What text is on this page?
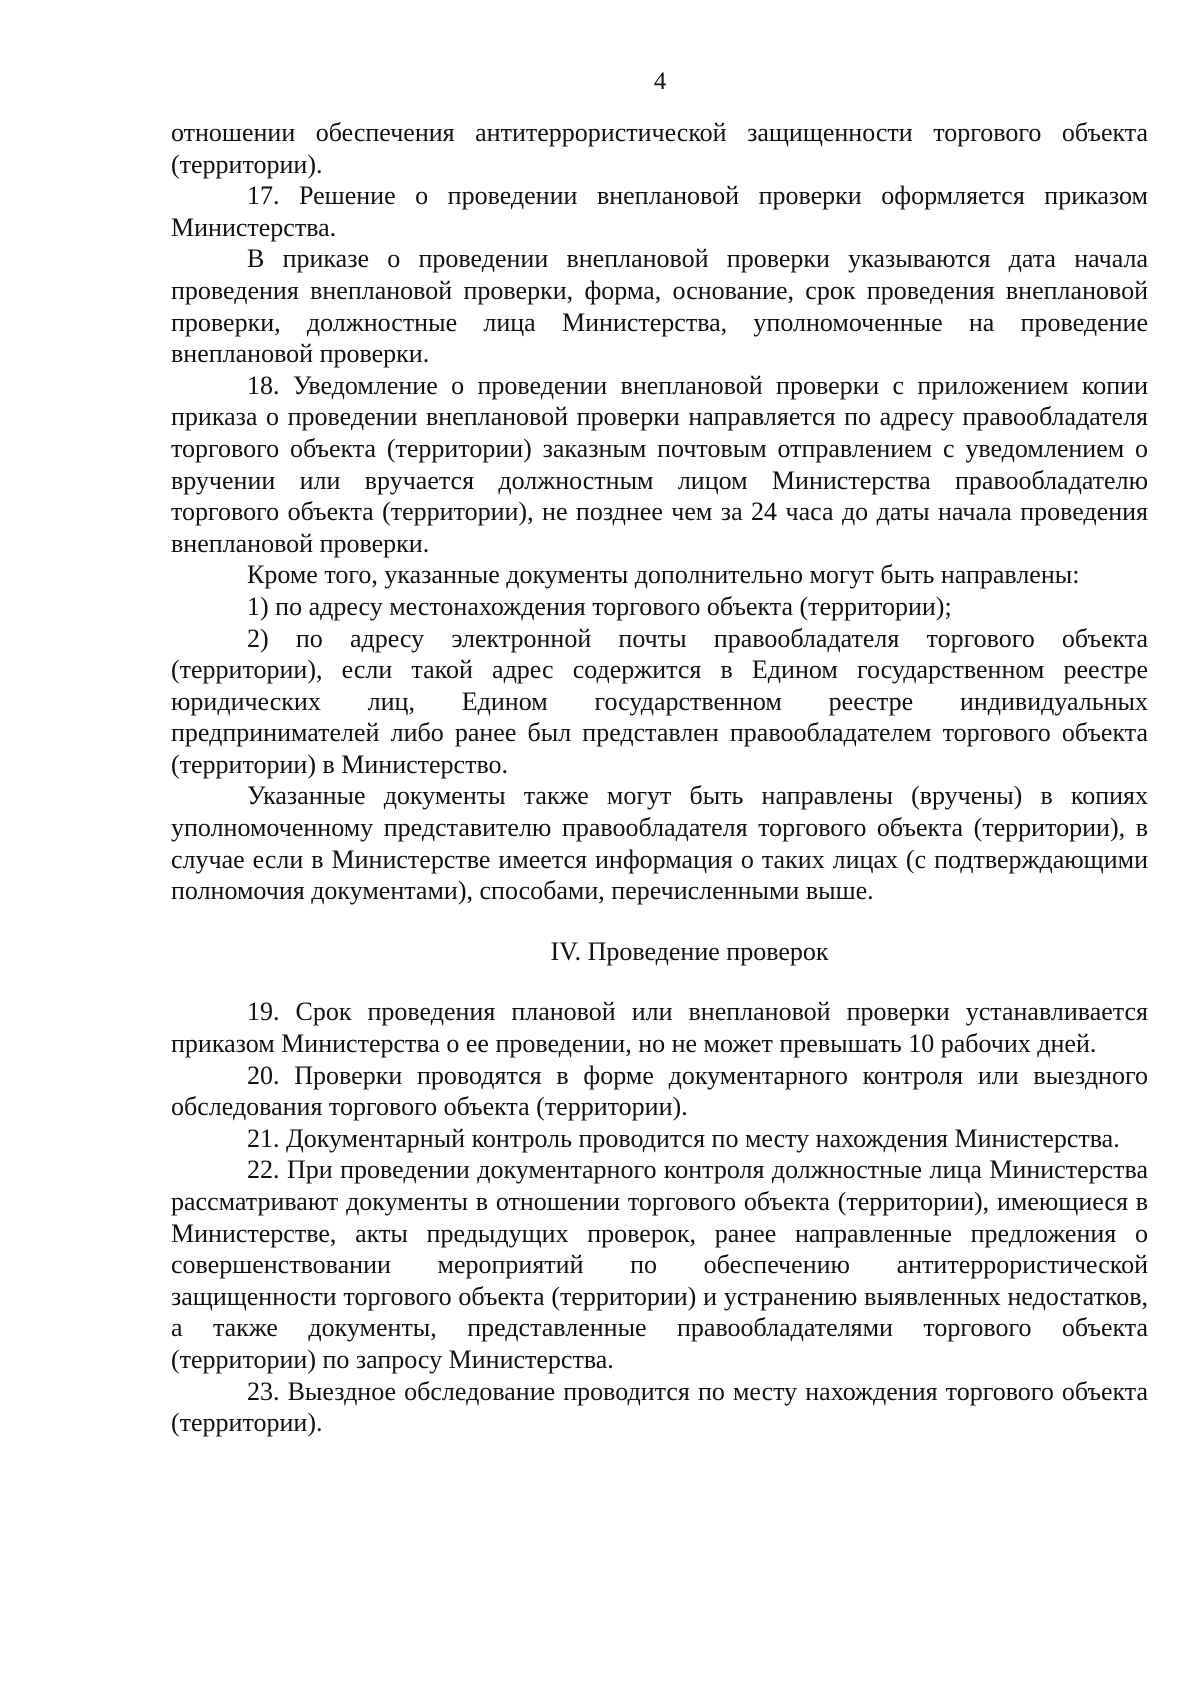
4

отношении обеспечения антитеррористической защищенности торгового объекта (территории).

17. Решение о проведении внеплановой проверки оформляется приказом Министерства.

В приказе о проведении внеплановой проверки указываются дата начала проведения внеплановой проверки, форма, основание, срок проведения внеплановой проверки, должностные лица Министерства, уполномоченные на проведение внеплановой проверки.

18. Уведомление о проведении внеплановой проверки с приложением копии приказа о проведении внеплановой проверки направляется по адресу правообладателя торгового объекта (территории) заказным почтовым отправлением с уведомлением о вручении или вручается должностным лицом Министерства правообладателю торгового объекта (территории), не позднее чем за 24 часа до даты начала проведения внеплановой проверки.

Кроме того, указанные документы дополнительно могут быть направлены:

1) по адресу местонахождения торгового объекта (территории);

2) по адресу электронной почты правообладателя торгового объекта (территории), если такой адрес содержится в Едином государственном реестре юридических лиц, Едином государственном реестре индивидуальных предпринимателей либо ранее был представлен правообладателем торгового объекта (территории) в Министерство.

Указанные документы также могут быть направлены (вручены) в копиях уполномоченному представителю правообладателя торгового объекта (территории), в случае если в Министерстве имеется информация о таких лицах (с подтверждающими полномочия документами), способами, перечисленными выше.

IV. Проведение проверок

19. Срок проведения плановой или внеплановой проверки устанавливается приказом Министерства о ее проведении, но не может превышать 10 рабочих дней.

20. Проверки проводятся в форме документарного контроля или выездного обследования торгового объекта (территории).

21. Документарный контроль проводится по месту нахождения Министерства.

22. При проведении документарного контроля должностные лица Министерства рассматривают документы в отношении торгового объекта (территории), имеющиеся в Министерстве, акты предыдущих проверок, ранее направленные предложения о совершенствовании мероприятий по обеспечению антитеррористической защищенности торгового объекта (территории) и устранению выявленных недостатков, а также документы, представленные правообладателями торгового объекта (территории) по запросу Министерства.

23. Выездное обследование проводится по месту нахождения торгового объекта (территории).
